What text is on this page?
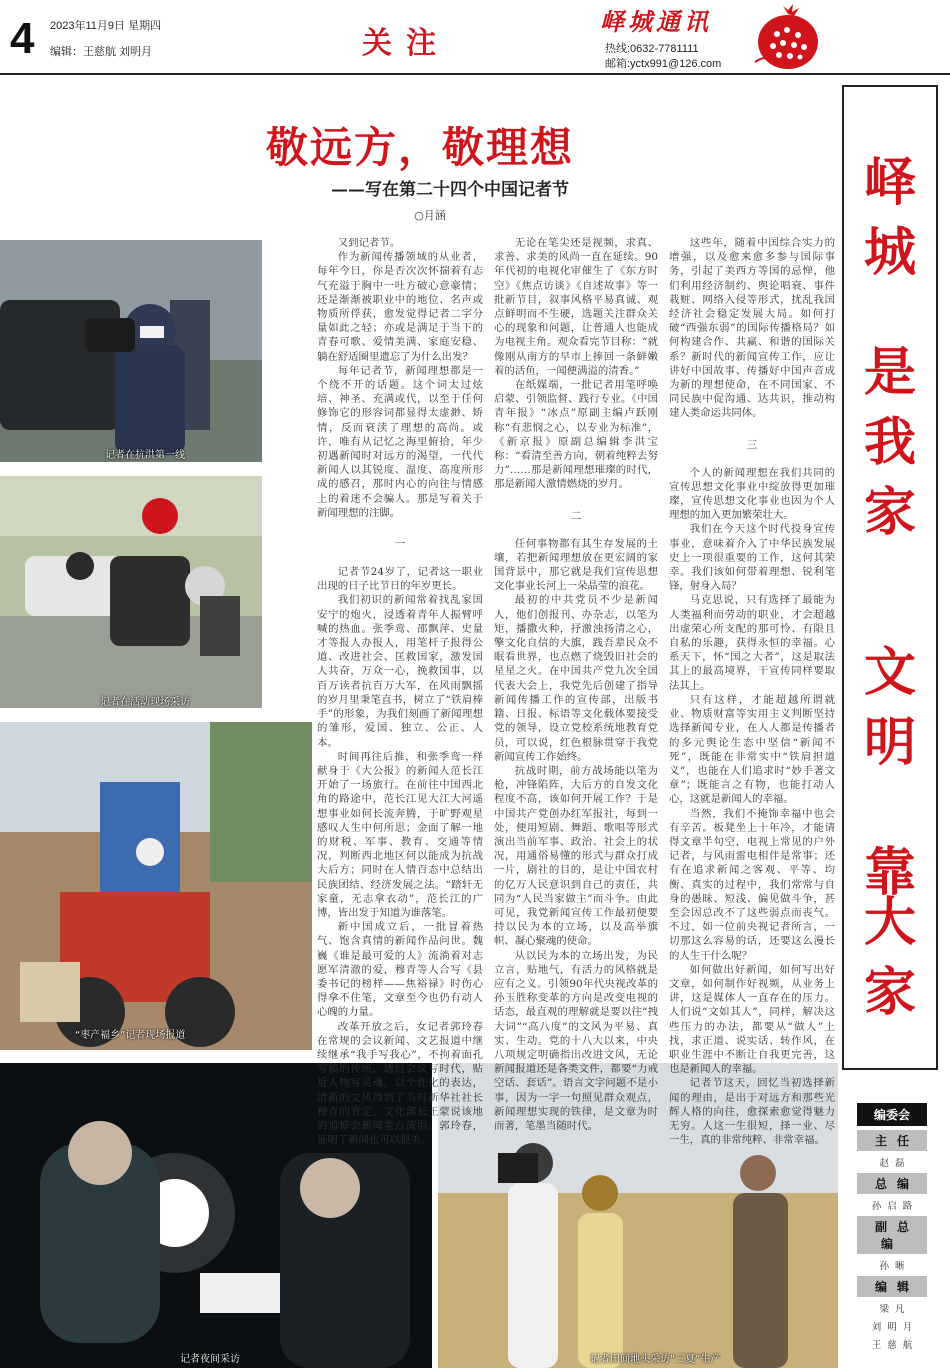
4 2023年11月9日 星期四
编辑：王慈航 刘明月	关注
峄城通讯
热线:0632-7781111
邮箱:yctx991@126.com
敬远方，敬理想
——写在第二十四个中国记者节
○月涵
记者在抗洪第一线
记者在活动现场采访
“枣产福乡”记者现场报道
记者夜间采访	记者田间地头采访“三夏”生产

又到记者节。

作为新闻传播领域的从业者，每年今日，你是否次次怀揣着有志气充溢于胸中一吐方破心意豪情；还是渐渐被职业中的地位、名声或物质所俘获，愈发觉得记者二字分量如此之轻；亦或是满足于当下的青春可歌、爱情美满、家庭安稳、躺在舒适圈里遗忘了为什么出发？

每年记者节，新闻理想都是一个绕不开的话题。这个词太过炫培、神圣、充满或代，以至于任何修饰它的形容词都显得太虚渺、矫情，反而衰渎了理想的高尚。或许，唯有从记忆之海里俯拾，年少初遇新闻时对远方的渴望，一代代新闻人以其锐度、温度、高度所形成的感召，那时内心的向往与情感上的着迷不会骗人。那是写着关于新闻理想的注脚。

一

记者节24岁了，记者这一职业出现的日子比节日的年岁更长。

我们初识的新闻常着找乱家国安宁的炮火，浸透着青年人振臂呼喊的热血。张季鸾、邵飘萍、史量才等报人办报人，用笔杆子报得公道、改进社会、匡救国家，激发国人共奋，万众一心，挽救国事，以百万读者抗百万大军，在风雨飘摇的岁月里秉笔直书，树立了“铁肩棒手”的形象，为我们刻画了新闻理想的雏形，爱国、独立、公正、人本。

时间再往后推，和张季鸾一样献身于《大公报》的新闻人范长江开始了一场旅行。在前往中国西北角的路途中，范长江见大江大河遥想事业如何长流奔腾，于旷野观星感叹人生中何所思；金面了解一地的财税、军事、教育、交通等情况，判断西北地区何以能成为抗战大后方；同时在人情百态中总结出民族团结、经济发展之法。“踏轩无家童，无志拿衣动”，范长江的广博，皆出发于知道为谁落笔。

新中国成立后，一批冒着热气、饱含真情的新闻作品问世。魏巍《谁是最可爱的人》流淌着对志愿军清澈的爱，穆青等人合写《县委书记的榜样——焦裕禄》时伤心得拿不住笔，文章至今也仍有动人心魄的力量。

改革开放之后，女记者郭玲春在常规的会议新闻、文艺报道中继续继承“我手写我心”，不拘着面孔写稿的传统，透过会议写时代，贴近人物写灵魂，以个性化的表达，清新的文风得到了当时新华社社长穆青的肯定，文化部长王蒙说该地的追悼会新闻差点流泪。郭玲春，证明了新闻也可以很美。

无论在笔尖还是视频，求真、求善、求美的风尚一直在延续。90年代初的电视化审催生了《东方时空》《焦点访谈》《自述故事》等一批新节目，叙事风格平易真诚、观点鲜明而不生硬，选题关注群众关心的现象和问题，让普通人也能成为电视主角。观众看完节目称：“就像刚从南方的早市上捧回一条鲜嫩着的活鱼，一闻便满溢的清香。”

在纸媒端，一批记者用笔呼唤启蒙、引领监督、践行专业。《中国青年报》“冰点”原副主编卢跃刚称“有悲悯之心，以专业为标准”，《新京报》原副总编辑李洪宝称：“看清至善方向，朝着纯粹去努力”……那是新闻理想璀璨的时代，那是新闻人激情燃烧的岁月。

二

任何事物都有其生存发展的土壤，若把新闻理想放在更宏阔的家国背景中，那它就是我们宣传思想文化事业长河上一朵晶莹的浪花。

最初的中共党员不少是新闻人，他们创报刊、办杂志，以笔为矩，播撒火种，抒激浊扬清之心，擎文化自信的大旗，践吾辈民众不眠看世界，也点燃了烧毁旧社会的星星之火。在中国共产党九次全国代表大会上，我党先后创建了指导新闻传播工作的宣传部，出版书籍、日报、标语等文化载体要接受党的领导，设立党校系统地教育党员，可以说，红色根脉贯穿于我党新闻宣传工作始终。

抗战时期，前方战场能以笔为枪，冲锋陷阵，大后方的自发文化程度不高，该如何开展工作？于是中国共产党创办红军报社，每到一处，便用短剧、舞蹈、歌唱等形式演出当前军事、政治、社会上的状况，用通俗易懂的形式与群众打成一片，剧社的目的，是让中国农村的亿万人民意识到自己的责任，共同为“人民当家做主”而斗争。由此可见，我党新闻宣传工作最初便要持以民为本的立场，以及高举旗帜、凝心聚魂的使命。

从以民为本的立场出发，为民立言，贴地气，有活力的风格就是应有之义。引领90年代央视改革的孙玉胜称变革的方向是改变电视的话态，最直观的理解就是要以往“拽大词”“高八度”的文风为平易、真实、生动。党的十八大以来，中央八项规定明确指出改进文风，无论新闻报道还是各类文件，都要“力戒空话、套话”。语言文字问题不是小事，因为一字一句照见群众观点，新闻理想实现的铁律，是文章为时而著，笔墨当随时代。

这些年，随着中国综合实力的增强，以及愈来愈多参与国际事务，引起了美西方等国的忌惮，他们利用经济制约、舆论唱衰、事件栽赃、网络入侵等形式，扰乱我国经济社会稳定发展大局。如何打破“西强东弱”的国际传播格局？如何构建合作、共赢、和谐的国际关系？新时代的新闻宣传工作，应让讲好中国故事、传播好中国声音成为新的理想使命，在不同国家、不同民族中促沟通、达共识，推动构建人类命运共同体。

三

个人的新闻理想在我们共同的宣传思想文化事业中绽放得更加璀璨，宣传思想文化事业也因为个人理想的加入更加繁荣壮大。

我们在今天这个时代投身宣传事业，意味着介入了中华民族发展史上一项很重要的工作，这何其荣幸。我们该如何带着理想、锐利笔锋，射身入局？

马克思说，只有选择了最能为人类福利而劳动的职业，才会超越出虚荣心所支配的那可怜、有限且自私的乐趣，获得永恒的幸福。心系天下，怀“国之大者”，这是取法其上的最高境界，干宣传同样要取法其上。

只有这样，才能超越所谓就业、物质财富等实用主义判断坚持选择新闻专业，在人人都是传播者的多元舆论生态中坚信“新闻不死”，既能在非常实中“铁肩担道义”，也能在人们追求时“妙手著文章”；既能言之有物，也能打动人心，这就是新闻人的幸福。

当然，我们不掩饰幸福中也会有辛苦。板凳坐上十年冷，才能请得文章半句空，电视上常见的户外记者，与风雨雷电相伴是常事；还有在追求新闻之客观、平等、均衡、真实的过程中，我们常常与自身的愚昧、短浅、偏见做斗争，甚至会因总改不了这些弱点而丧气。不过，如一位前央视记者所言，一切那这么容易的话，还要这么漫长的人生干什么呢？

如何做出好新闻，如何写出好文章，如何制作好视频，从业务上讲，这是媒体人一直存在的压力。人们说“文如其人”，同样，解决这些压力的办法，都要从“做人”上找，求正道、说实话、转作风，在职业生涯中不断让自我更完善，这也是新闻人的幸福。

记者节这天，回忆当初选择新闻的理由，是出于对远方和那些光辉人格的向往，愈探索愈觉得魅力无穷。人这一生很短，择一业、尽一生，真的非常纯粹、非常幸福。

峄
城
是
我
家
文
明
靠
大
家
编委会
主任
赵磊
总编
孙启路
副总编
孙晰
编辑
梁凡
刘明月
王慈航
